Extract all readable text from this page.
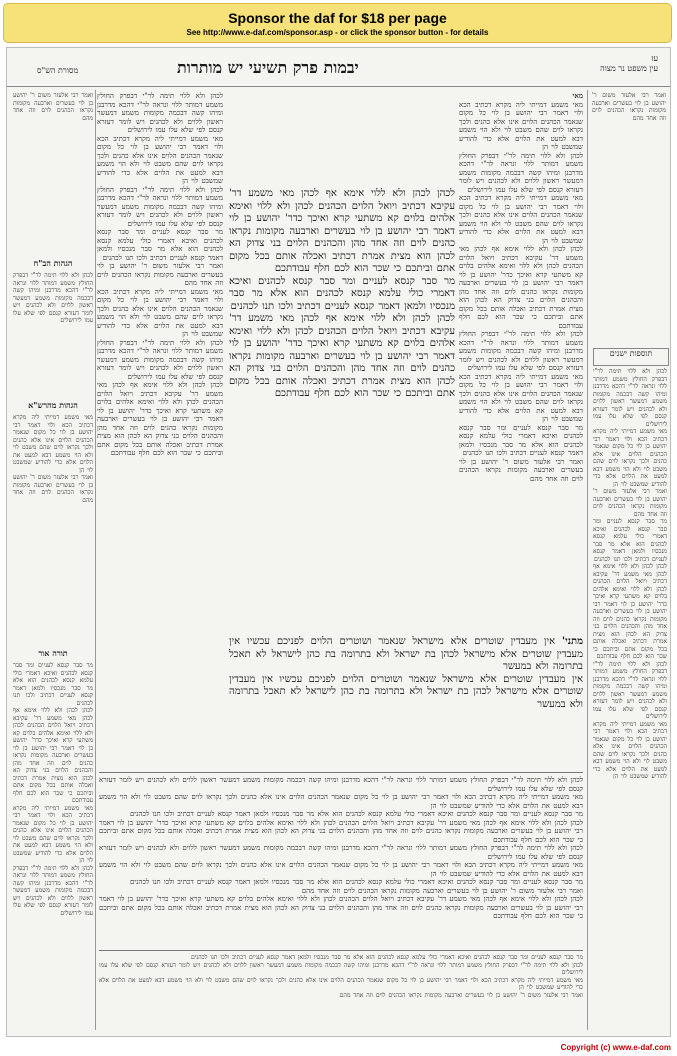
Sponsor the daf for $18 per page
See http://www.e-daf.com/sponsor.asp - or click the sponsor button - for details
מסורת הש"ס	יבמות פרק תשיעי יש מותרות	עז
עין משפט נר מצוה
ואמר רבי אלעזר משום ר' יהושע בן לוי בעשרים וארבעה מקומות נקראו הכהנים לוים וזה אחד מהם
תוספות ישנים
לכהן ולא ללוי תימה לר"י דבפרק החולץ משמע דמותר ללוי ונראה לר"י דהכא מדרבנן ומיהו קשה דבכמה מקומות משמע דמעשר ראשון ללוים ולא לכהנים ויש לומר דעזרא קנסם לפי שלא עלו עמו לירושלים
מאי משמע דמייתי ליה מקרא דכתיב הכא ולוי דאמר רבי יהושע בן לוי כל מקום שנאמר הכהנים הלוים אינו אלא כהנים ולכך נקראו לוים שהם משבט לוי ולא הוי משמע דבא למעט את הלוים אלא כדי להודיע שמשבט לוי הן
ואמר רבי אלעזר משום ר' יהושע בן לוי בעשרים וארבעה מקומות נקראו הכהנים לוים וזה אחד מהם
מר סבר קנסא לעניים ומר סבר קנסא לכהנים ואיכא דאמרי כולי עלמא קנסא לכהנים הוא אלא מר סבר מנכסיו ולמאן דאמר קנסא לעניים דכתיב ולכו תנו לכהנים
לכהן לכהן ולא ללוי אימא אף לכהן מאי משמע דר' עקיבא דכתיב ויואל הלוים הכהנים לכהן ולא ללוי ואימא אלהים בלוים קא משתעי קרא ואיכך כדר' יהושע בן לוי דאמר רבי יהושע בן לוי בעשרים וארבעה מקומות נקראו כהנים לוים וזה אחד מהן והכהנים הלוים בני צדוק הא לכהן הוא מצית אמרת דכתיב ואכלה אותם בכל מקום אתם וביתכם כי שכר הוא לכם חלף עבודתכם
לכהן ולא ללוי תימה לר"י דבפרק החולץ משמע דמותר ללוי ונראה לר"י דהכא מדרבנן ומיהו קשה דבכמה מקומות משמע דמעשר ראשון ללוים ולא לכהנים ויש לומר דעזרא קנסם לפי שלא עלו עמו לירושלים
מאי משמע דמייתי ליה מקרא דכתיב הכא ולוי דאמר רבי יהושע בן לוי כל מקום שנאמר הכהנים הלוים אינו אלא כהנים ולכך נקראו לוים שהם משבט לוי ולא הוי משמע דבא למעט את הלוים אלא כדי להודיע שמשבט לוי הן
מאי
מאי משמע דמייתי ליה מקרא דכתיב הכא ולוי דאמר רבי יהושע בן לוי כל מקום שנאמר הכהנים הלוים אינו אלא כהנים ולכך נקראו לוים שהם משבט לוי ולא הוי משמע דבא למעט את הלוים אלא כדי להודיע שמשבט לוי הן
לכהן ולא ללוי תימה לר"י דבפרק החולץ משמע דמותר ללוי ונראה לר"י דהכא מדרבנן ומיהו קשה דבכמה מקומות משמע דמעשר ראשון ללוים ולא לכהנים ויש לומר דעזרא קנסם לפי שלא עלו עמו לירושלים
מאי משמע דמייתי ליה מקרא דכתיב הכא ולוי דאמר רבי יהושע בן לוי כל מקום שנאמר הכהנים הלוים אינו אלא כהנים ולכך נקראו לוים שהם משבט לוי ולא הוי משמע דבא למעט את הלוים אלא כדי להודיע שמשבט לוי הן
לכהן לכהן ולא ללוי אימא אף לכהן מאי משמע דר' עקיבא דכתיב ויואל הלוים הכהנים לכהן ולא ללוי ואימא אלהים בלוים קא משתעי קרא ואיכך כדר' יהושע בן לוי דאמר רבי יהושע בן לוי בעשרים וארבעה מקומות נקראו כהנים לוים וזה אחד מהן והכהנים הלוים בני צדוק הא לכהן הוא מצית אמרת דכתיב ואכלה אותם בכל מקום אתם וביתכם כי שכר הוא לכם חלף עבודתכם
לכהן ולא ללוי תימה לר"י דבפרק החולץ משמע דמותר ללוי ונראה לר"י דהכא מדרבנן ומיהו קשה דבכמה מקומות משמע דמעשר ראשון ללוים ולא לכהנים ויש לומר דעזרא קנסם לפי שלא עלו עמו לירושלים
מאי משמע דמייתי ליה מקרא דכתיב הכא ולוי דאמר רבי יהושע בן לוי כל מקום שנאמר הכהנים הלוים אינו אלא כהנים ולכך נקראו לוים שהם משבט לוי ולא הוי משמע דבא למעט את הלוים אלא כדי להודיע שמשבט לוי הן
מר סבר קנסא לעניים ומר סבר קנסא לכהנים ואיכא דאמרי כולי עלמא קנסא לכהנים הוא אלא מר סבר מנכסיו ולמאן דאמר קנסא לעניים דכתיב ולכו תנו לכהנים
ואמר רבי אלעזר משום ר' יהושע בן לוי בעשרים וארבעה מקומות נקראו הכהנים לוים וזה אחד מהם
לכהן ולא ללוי תימה לר"י דבפרק החולץ משמע דמותר ללוי ונראה לר"י דהכא מדרבנן ומיהו קשה דבכמה מקומות משמע דמעשר ראשון ללוים ולא לכהנים ויש לומר דעזרא קנסם לפי שלא עלו עמו לירושלים
מאי משמע דמייתי ליה מקרא דכתיב הכא ולוי דאמר רבי יהושע בן לוי כל מקום שנאמר הכהנים הלוים אינו אלא כהנים ולכך נקראו לוים שהם משבט לוי ולא הוי משמע דבא למעט את הלוים אלא כדי להודיע שמשבט לוי הן
לכהן ולא ללוי תימה לר"י דבפרק החולץ משמע דמותר ללוי ונראה לר"י דהכא מדרבנן ומיהו קשה דבכמה מקומות משמע דמעשר ראשון ללוים ולא לכהנים ויש לומר דעזרא קנסם לפי שלא עלו עמו לירושלים
מר סבר קנסא לעניים ומר סבר קנסא לכהנים ואיכא דאמרי כולי עלמא קנסא לכהנים הוא אלא מר סבר מנכסיו ולמאן דאמר קנסא לעניים דכתיב ולכו תנו לכהנים
ואמר רבי אלעזר משום ר' יהושע בן לוי בעשרים וארבעה מקומות נקראו הכהנים לוים וזה אחד מהם
מאי משמע דמייתי ליה מקרא דכתיב הכא ולוי דאמר רבי יהושע בן לוי כל מקום שנאמר הכהנים הלוים אינו אלא כהנים ולכך נקראו לוים שהם משבט לוי ולא הוי משמע דבא למעט את הלוים אלא כדי להודיע שמשבט לוי הן
לכהן ולא ללוי תימה לר"י דבפרק החולץ משמע דמותר ללוי ונראה לר"י דהכא מדרבנן ומיהו קשה דבכמה מקומות משמע דמעשר ראשון ללוים ולא לכהנים ויש לומר דעזרא קנסם לפי שלא עלו עמו לירושלים
לכהן לכהן ולא ללוי אימא אף לכהן מאי משמע דר' עקיבא דכתיב ויואל הלוים הכהנים לכהן ולא ללוי ואימא אלהים בלוים קא משתעי קרא ואיכך כדר' יהושע בן לוי דאמר רבי יהושע בן לוי בעשרים וארבעה מקומות נקראו כהנים לוים וזה אחד מהן והכהנים הלוים בני צדוק הא לכהן הוא מצית אמרת דכתיב ואכלה אותם בכל מקום אתם וביתכם כי שכר הוא לכם חלף עבודתכם
ואמר רבי אלעזר משום ר' יהושע בן לוי בעשרים וארבעה מקומות נקראו הכהנים לוים וזה אחד מהם
הגהות הב"ח
לכהן ולא ללוי תימה לר"י דבפרק החולץ משמע דמותר ללוי ונראה לר"י דהכא מדרבנן ומיהו קשה דבכמה מקומות משמע דמעשר ראשון ללוים ולא לכהנים ויש לומר דעזרא קנסם לפי שלא עלו עמו לירושלים
הגהות מהרש"א
מאי משמע דמייתי ליה מקרא דכתיב הכא ולוי דאמר רבי יהושע בן לוי כל מקום שנאמר הכהנים הלוים אינו אלא כהנים ולכך נקראו לוים שהם משבט לוי ולא הוי משמע דבא למעט את הלוים אלא כדי להודיע שמשבט לוי הן
ואמר רבי אלעזר משום ר' יהושע בן לוי בעשרים וארבעה מקומות נקראו הכהנים לוים וזה אחד מהם
תורה אור
מר סבר קנסא לעניים ומר סבר קנסא לכהנים ואיכא דאמרי כולי עלמא קנסא לכהנים הוא אלא מר סבר מנכסיו ולמאן דאמר קנסא לעניים דכתיב ולכו תנו לכהנים
לכהן לכהן ולא ללוי אימא אף לכהן מאי משמע דר' עקיבא דכתיב ויואל הלוים הכהנים לכהן ולא ללוי ואימא אלהים בלוים קא משתעי קרא ואיכך כדר' יהושע בן לוי דאמר רבי יהושע בן לוי בעשרים וארבעה מקומות נקראו כהנים לוים וזה אחד מהן והכהנים הלוים בני צדוק הא לכהן הוא מצית אמרת דכתיב ואכלה אותם בכל מקום אתם וביתכם כי שכר הוא לכם חלף עבודתכם
מאי משמע דמייתי ליה מקרא דכתיב הכא ולוי דאמר רבי יהושע בן לוי כל מקום שנאמר הכהנים הלוים אינו אלא כהנים ולכך נקראו לוים שהם משבט לוי ולא הוי משמע דבא למעט את הלוים אלא כדי להודיע שמשבט לוי הן
לכהן ולא ללוי תימה לר"י דבפרק החולץ משמע דמותר ללוי ונראה לר"י דהכא מדרבנן ומיהו קשה דבכמה מקומות משמע דמעשר ראשון ללוים ולא לכהנים ויש לומר דעזרא קנסם לפי שלא עלו עמו לירושלים
לכהן לכהן ולא ללוי אימא אף לכהן מאי משמע דר' עקיבא דכתיב ויואל הלוים הכהנים לכהן ולא ללוי ואימא אלהים בלוים קא משתעי קרא ואיכך כדר' יהושע בן לוי דאמר רבי יהושע בן לוי בעשרים וארבעה מקומות נקראו כהנים לוים וזה אחד מהן והכהנים הלוים בני צדוק הא לכהן הוא מצית אמרת דכתיב ואכלה אותם בכל מקום אתם וביתכם כי שכר הוא לכם חלף עבודתכם
מר סבר קנסא לעניים ומר סבר קנסא לכהנים ואיכא דאמרי כולי עלמא קנסא לכהנים הוא אלא מר סבר מנכסיו ולמאן דאמר קנסא לעניים דכתיב ולכו תנו לכהנים
לכהן לכהן ולא ללוי אימא אף לכהן מאי משמע דר' עקיבא דכתיב ויואל הלוים הכהנים לכהן ולא ללוי ואימא אלהים בלוים קא משתעי קרא ואיכך כדר' יהושע בן לוי דאמר רבי יהושע בן לוי בעשרים וארבעה מקומות נקראו כהנים לוים וזה אחד מהן והכהנים הלוים בני צדוק הא לכהן הוא מצית אמרת דכתיב ואכלה אותם בכל מקום אתם וביתכם כי שכר הוא לכם חלף עבודתכם
מתני' אין מעבדין שוטרים אלא מישראל שנאמר ושוטרים הלוים לפניכם עכשיו אין מעבדין שוטרים אלא מישראל לכהן בת ישראל ולא בתרומה בת כהן לישראל לא תאכל בתרומה ולא במעשר
אין מעבדין שוטרים אלא מישראל שנאמר ושוטרים הלוים לפניכם עכשיו אין מעבדין שוטרים אלא מישראל לכהן בת ישראל ולא בתרומה בת כהן לישראל לא תאכל בתרומה ולא במעשר
לכהן ולא ללוי תימה לר"י דבפרק החולץ משמע דמותר ללוי ונראה לר"י דהכא מדרבנן ומיהו קשה דבכמה מקומות משמע דמעשר ראשון ללוים ולא לכהנים ויש לומר דעזרא קנסם לפי שלא עלו עמו לירושלים
מאי משמע דמייתי ליה מקרא דכתיב הכא ולוי דאמר רבי יהושע בן לוי כל מקום שנאמר הכהנים הלוים אינו אלא כהנים ולכך נקראו לוים שהם משבט לוי ולא הוי משמע דבא למעט את הלוים אלא כדי להודיע שמשבט לוי הן
מר סבר קנסא לעניים ומר סבר קנסא לכהנים ואיכא דאמרי כולי עלמא קנסא לכהנים הוא אלא מר סבר מנכסיו ולמאן דאמר קנסא לעניים דכתיב ולכו תנו לכהנים
לכהן לכהן ולא ללוי אימא אף לכהן מאי משמע דר' עקיבא דכתיב ויואל הלוים הכהנים לכהן ולא ללוי ואימא אלהים בלוים קא משתעי קרא ואיכך כדר' יהושע בן לוי דאמר רבי יהושע בן לוי בעשרים וארבעה מקומות נקראו כהנים לוים וזה אחד מהן והכהנים הלוים בני צדוק הא לכהן הוא מצית אמרת דכתיב ואכלה אותם בכל מקום אתם וביתכם כי שכר הוא לכם חלף עבודתכם
לכהן ולא ללוי תימה לר"י דבפרק החולץ משמע דמותר ללוי ונראה לר"י דהכא מדרבנן ומיהו קשה דבכמה מקומות משמע דמעשר ראשון ללוים ולא לכהנים ויש לומר דעזרא קנסם לפי שלא עלו עמו לירושלים
מאי משמע דמייתי ליה מקרא דכתיב הכא ולוי דאמר רבי יהושע בן לוי כל מקום שנאמר הכהנים הלוים אינו אלא כהנים ולכך נקראו לוים שהם משבט לוי ולא הוי משמע דבא למעט את הלוים אלא כדי להודיע שמשבט לוי הן
מר סבר קנסא לעניים ומר סבר קנסא לכהנים ואיכא דאמרי כולי עלמא קנסא לכהנים הוא אלא מר סבר מנכסיו ולמאן דאמר קנסא לעניים דכתיב ולכו תנו לכהנים
ואמר רבי אלעזר משום ר' יהושע בן לוי בעשרים וארבעה מקומות נקראו הכהנים לוים וזה אחד מהם
לכהן לכהן ולא ללוי אימא אף לכהן מאי משמע דר' עקיבא דכתיב ויואל הלוים הכהנים לכהן ולא ללוי ואימא אלהים בלוים קא משתעי קרא ואיכך כדר' יהושע בן לוי דאמר רבי יהושע בן לוי בעשרים וארבעה מקומות נקראו כהנים לוים וזה אחד מהן והכהנים הלוים בני צדוק הא לכהן הוא מצית אמרת דכתיב ואכלה אותם בכל מקום אתם וביתכם כי שכר הוא לכם חלף עבודתכם
מר סבר קנסא לעניים ומר סבר קנסא לכהנים ואיכא דאמרי כולי עלמא קנסא לכהנים הוא אלא מר סבר מנכסיו ולמאן דאמר קנסא לעניים דכתיב ולכו תנו לכהנים
לכהן ולא ללוי תימה לר"י דבפרק החולץ משמע דמותר ללוי ונראה לר"י דהכא מדרבנן ומיהו קשה דבכמה מקומות משמע דמעשר ראשון ללוים ולא לכהנים ויש לומר דעזרא קנסם לפי שלא עלו עמו לירושלים
מאי משמע דמייתי ליה מקרא דכתיב הכא ולוי דאמר רבי יהושע בן לוי כל מקום שנאמר הכהנים הלוים אינו אלא כהנים ולכך נקראו לוים שהם משבט לוי ולא הוי משמע דבא למעט את הלוים אלא כדי להודיע שמשבט לוי הן
ואמר רבי אלעזר משום ר' יהושע בן לוי בעשרים וארבעה מקומות נקראו הכהנים לוים וזה אחד מהם
Copyright (c) www.e-daf.com
